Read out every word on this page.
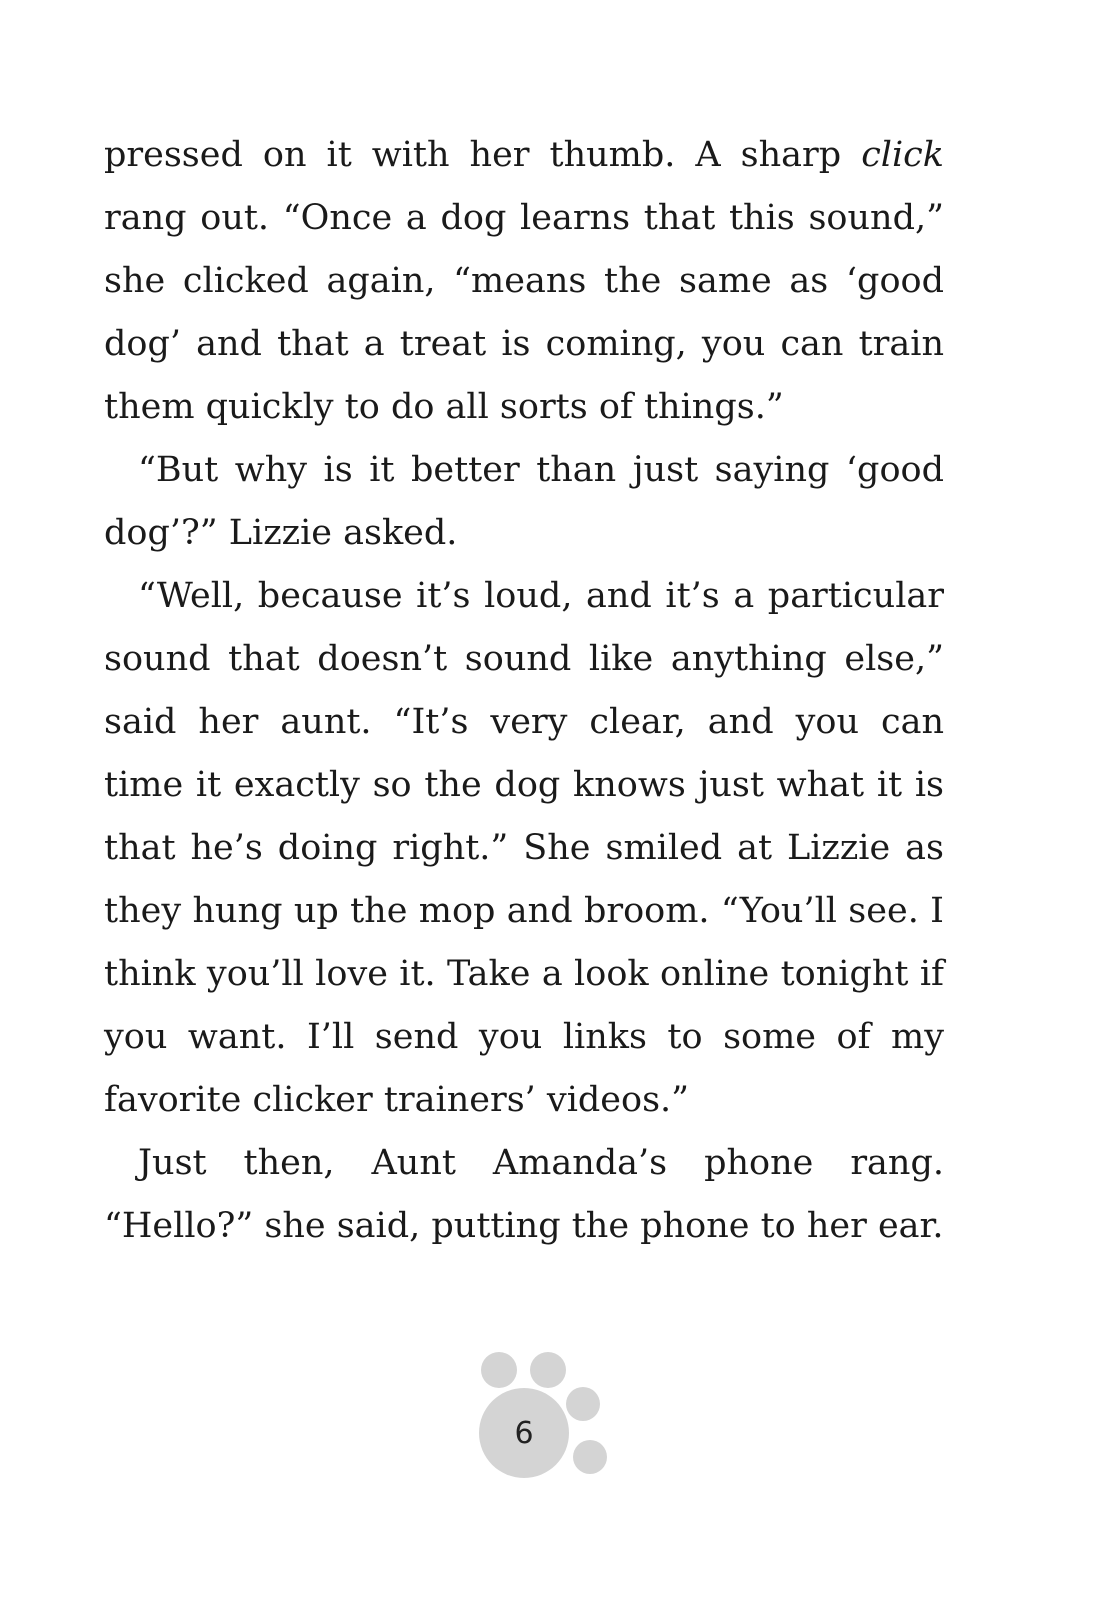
pressed on it with her thumb. A sharp click rang out. “Once a dog learns that this sound,” she clicked again, “means the same as ‘good dog’ and that a treat is coming, you can train them quickly to do all sorts of things.”

“But why is it better than just saying ‘good dog’?” Lizzie asked.

“Well, because it’s loud, and it’s a particular sound that doesn’t sound like anything else,” said her aunt. “It’s very clear, and you can time it exactly so the dog knows just what it is that he’s doing right.” She smiled at Lizzie as they hung up the mop and broom. “You’ll see. I think you’ll love it. Take a look online tonight if you want. I’ll send you links to some of my favorite clicker trainers’ videos.”

Just then, Aunt Amanda’s phone rang. “Hello?” she said, putting the phone to her ear.

6
